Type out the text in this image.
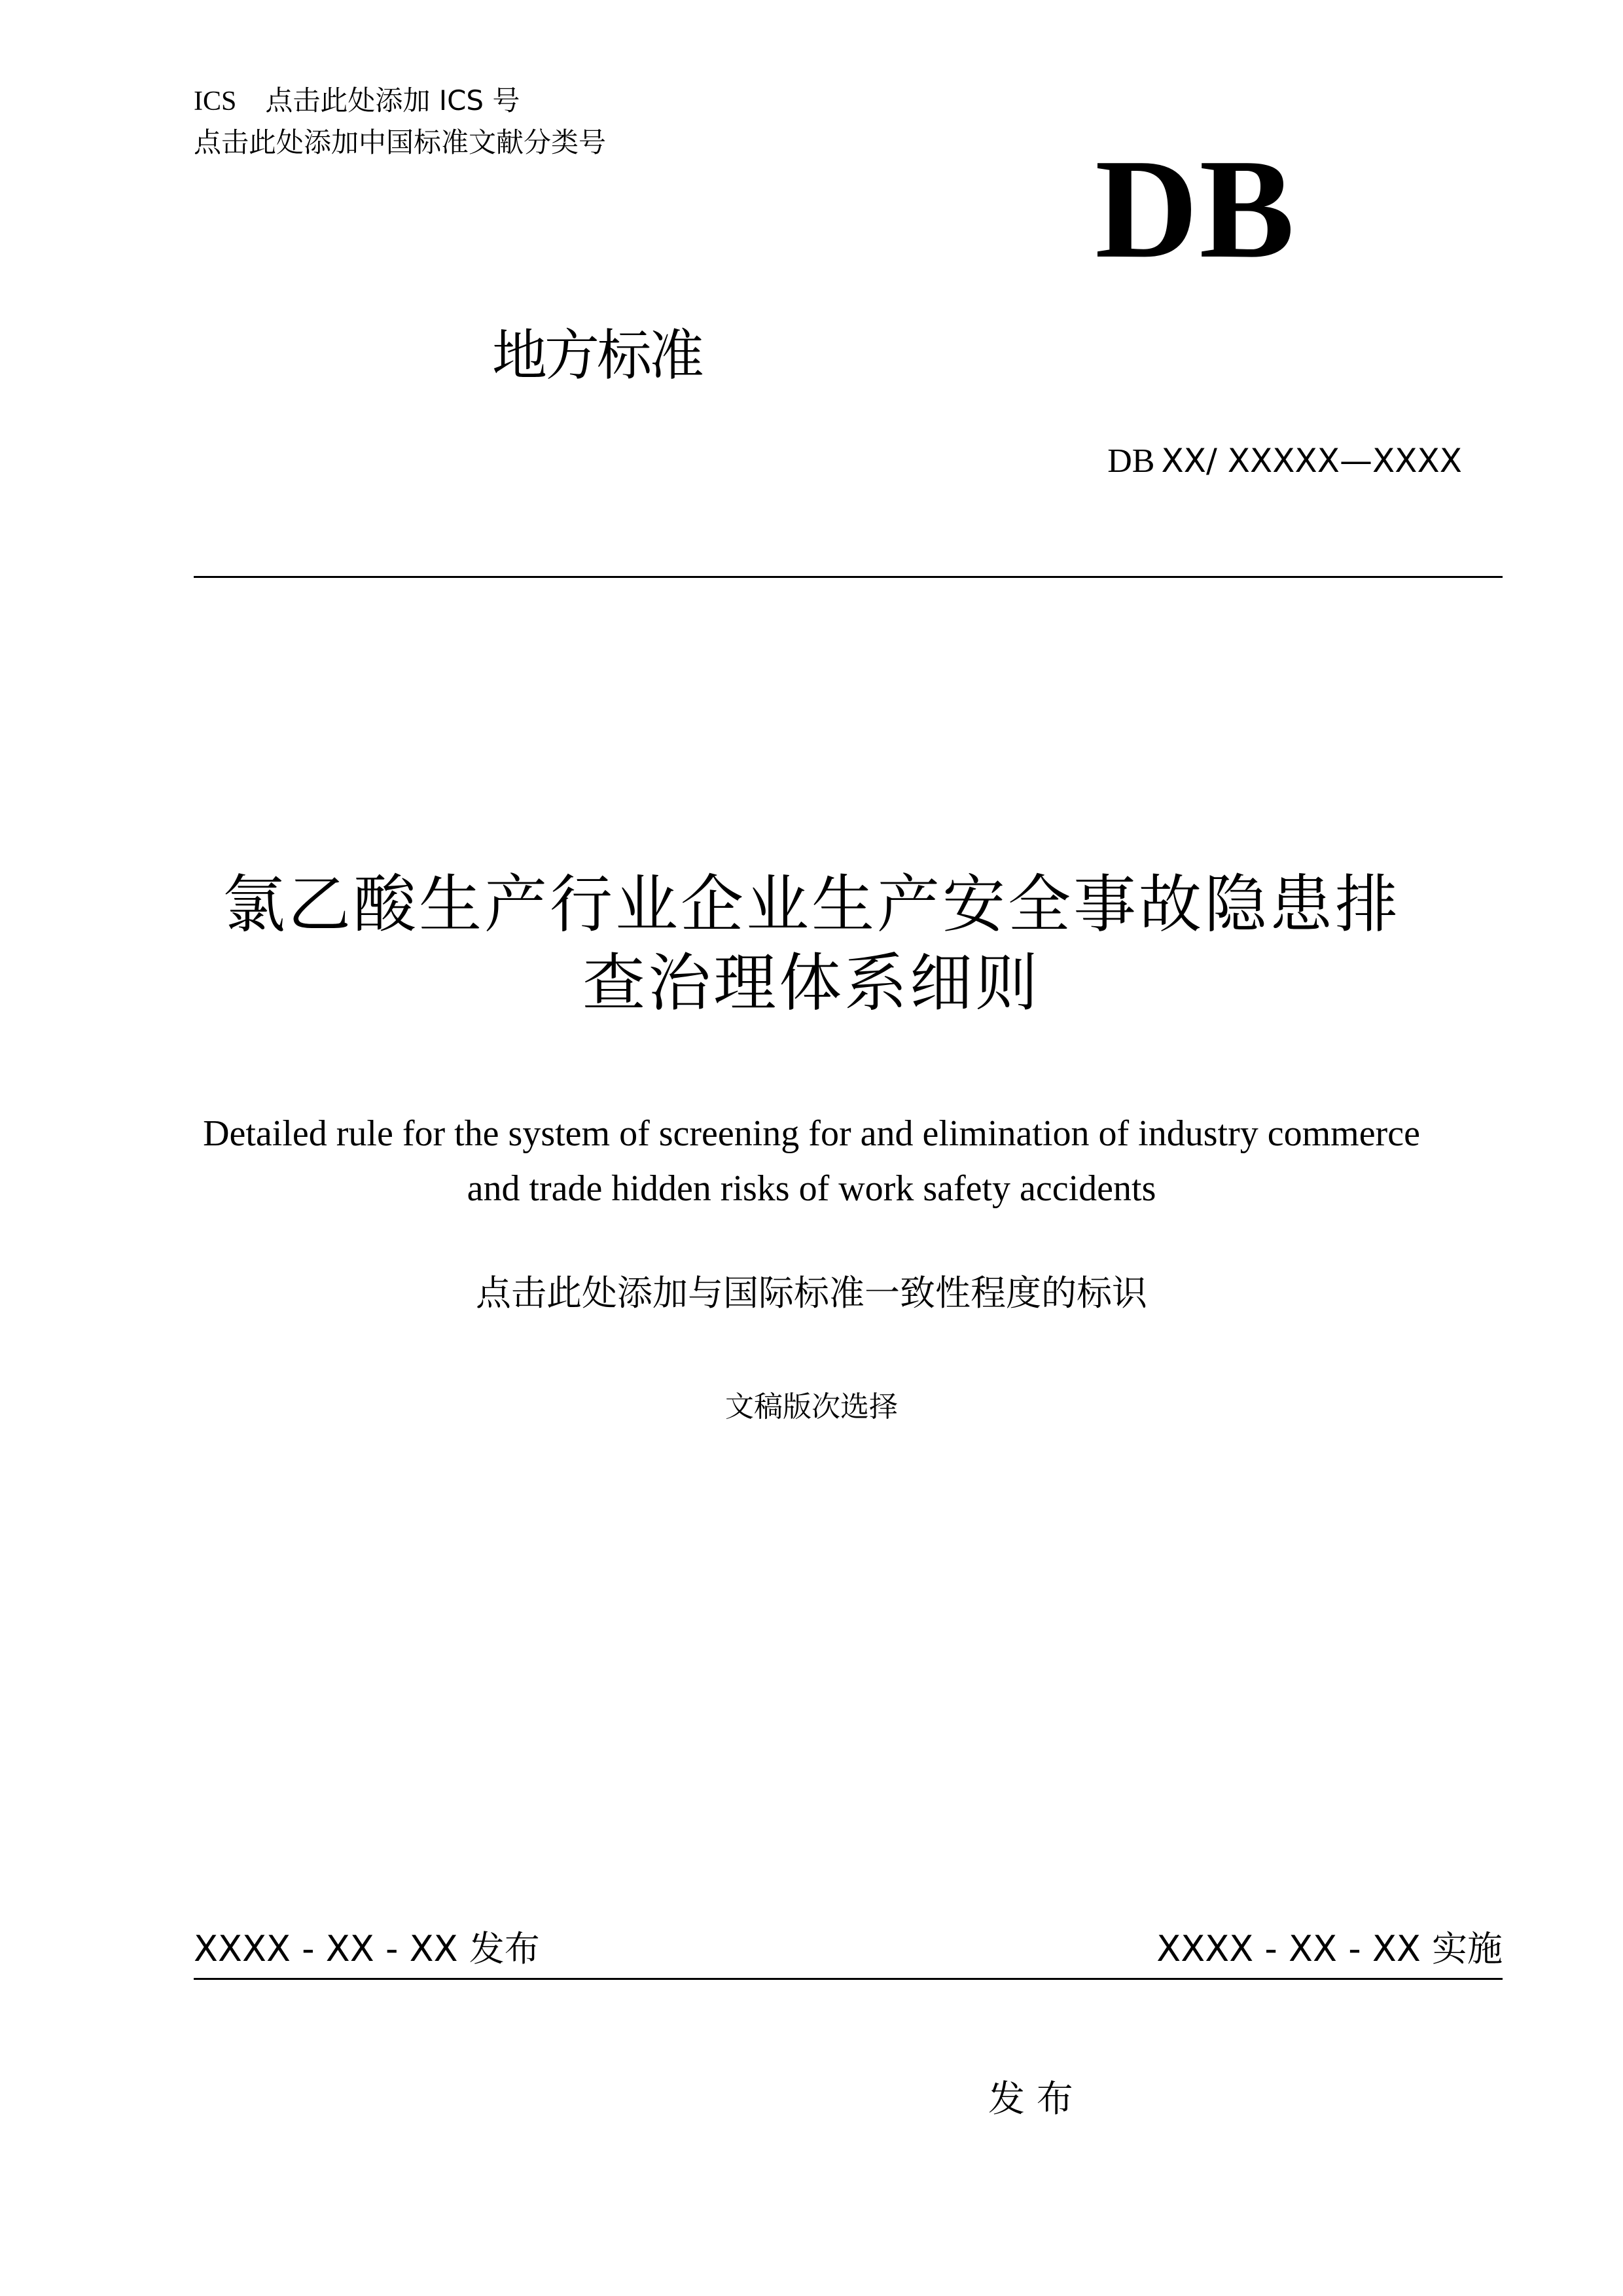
ICS 点击此处添加 ICS 号
点击此处添加中国标准文献分类号	DB
地方标准
DB XX/ XXXXX—XXXX
氯乙酸生产行业企业生产安全事故隐患排
查治理体系细则
Detailed rule for the system of screening for and elimination of industry commerce
and trade hidden risks of work safety accidents
点击此处添加与国际标准一致性程度的标识
文稿版次选择
XXXX - XX - XX 发布	XXXX - XX - XX 实施
发 布
